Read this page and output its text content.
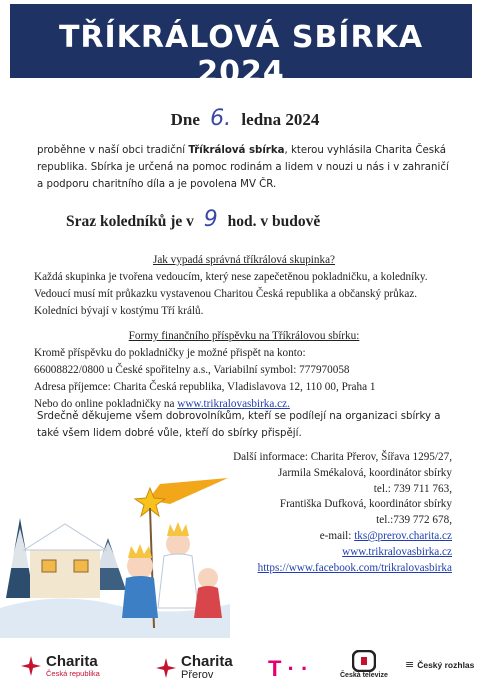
TŘÍKRÁLOVÁ SBÍRKA 2024
Dne 6. ledna 2024
proběhne v naší obci tradiční Tříkrálová sbírka, kterou vyhlásila Charita Česká republika. Sbírka je určená na pomoc rodinám a lidem v nouzi u nás i v zahraničí a podporu charitního díla a je povolena MV ČR.
Sraz koledníků je v 9 hod. v budově
Jak vypadá správná tříkrálová skupinka?
Každá skupinka je tvořena vedoucím, který nese zapečetěnou pokladničku, a koledníky.
Vedoucí musí mít průkazku vystavenou Charitou Česká republika a občanský průkaz.
Koledníci bývají v kostýmu Tří králů.
Formy finančního příspěvku na Tříkrálovou sbírku:
Kromě příspěvku do pokladničky je možné přispět na konto:
66008822/0800 u České spořitelny a.s., Variabilní symbol: 777970058
Adresa příjemce: Charita Česká republika, Vladislavova 12, 110 00, Praha 1
Nebo do online pokladničky na www.trikralovasbirka.cz.
Srdečně děkujeme všem dobrovolníkům, kteří se podílejí na organizaci sbírky a také všem lidem dobré vůle, kteří do sbírky přispějí.
Další informace: Charita Přerov, Šířava 1295/27,
Jarmila Smékalová, koordinátor sbírky
tel.: 739 711 763,
Františka Dufková, koordinátor sbírky
tel.:739 772 678,
e-mail: tks@prerov.charita.cz
www.trikralovasbirka.cz
https://www.facebook.com/trikralovasbirka
Charita
Česká republika
Charita
Přerov	T · ·	Česká televize
≡ Český rozhlas
